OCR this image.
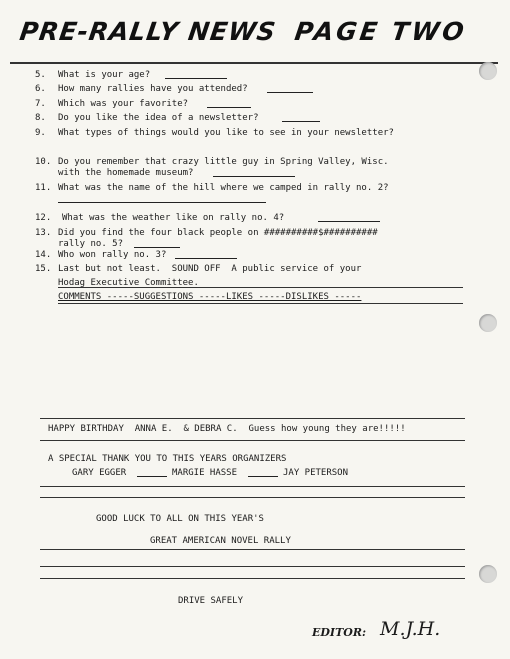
PRE-RALLY NEWS PAGE TWO
5. What is your age?
6. How many rallies have you attended?
7. Which was your favorite?
8. Do you like the idea of a newsletter?
9. What types of things would you like to see in your newsletter?
10. Do you remember that crazy little guy in Spring Valley, Wisc.
with the homemade museum?
11. What was the name of the hill where we camped in rally no. 2?
12. What was the weather like on rally no. 4?
13. Did you find the four black people on ##########$##########
rally no. 5?
14. Who won rally no. 3?
15. Last but not least.  SOUND OFF  A public service of your
Hodag Executive Committee.
COMMENTS -----SUGGESTIONS -----LIKES -----DISLIKES -----
HAPPY BIRTHDAY  ANNA E.  & DEBRA C.  Guess how young they are!!!!!
A SPECIAL THANK YOU TO THIS YEARS ORGANIZERS
GARY EGGER	MARGIE HASSE	JAY PETERSON
GOOD LUCK TO ALL ON THIS YEAR'S
GREAT AMERICAN NOVEL RALLY
DRIVE SAFELY
EDITOR: M.J.H.
